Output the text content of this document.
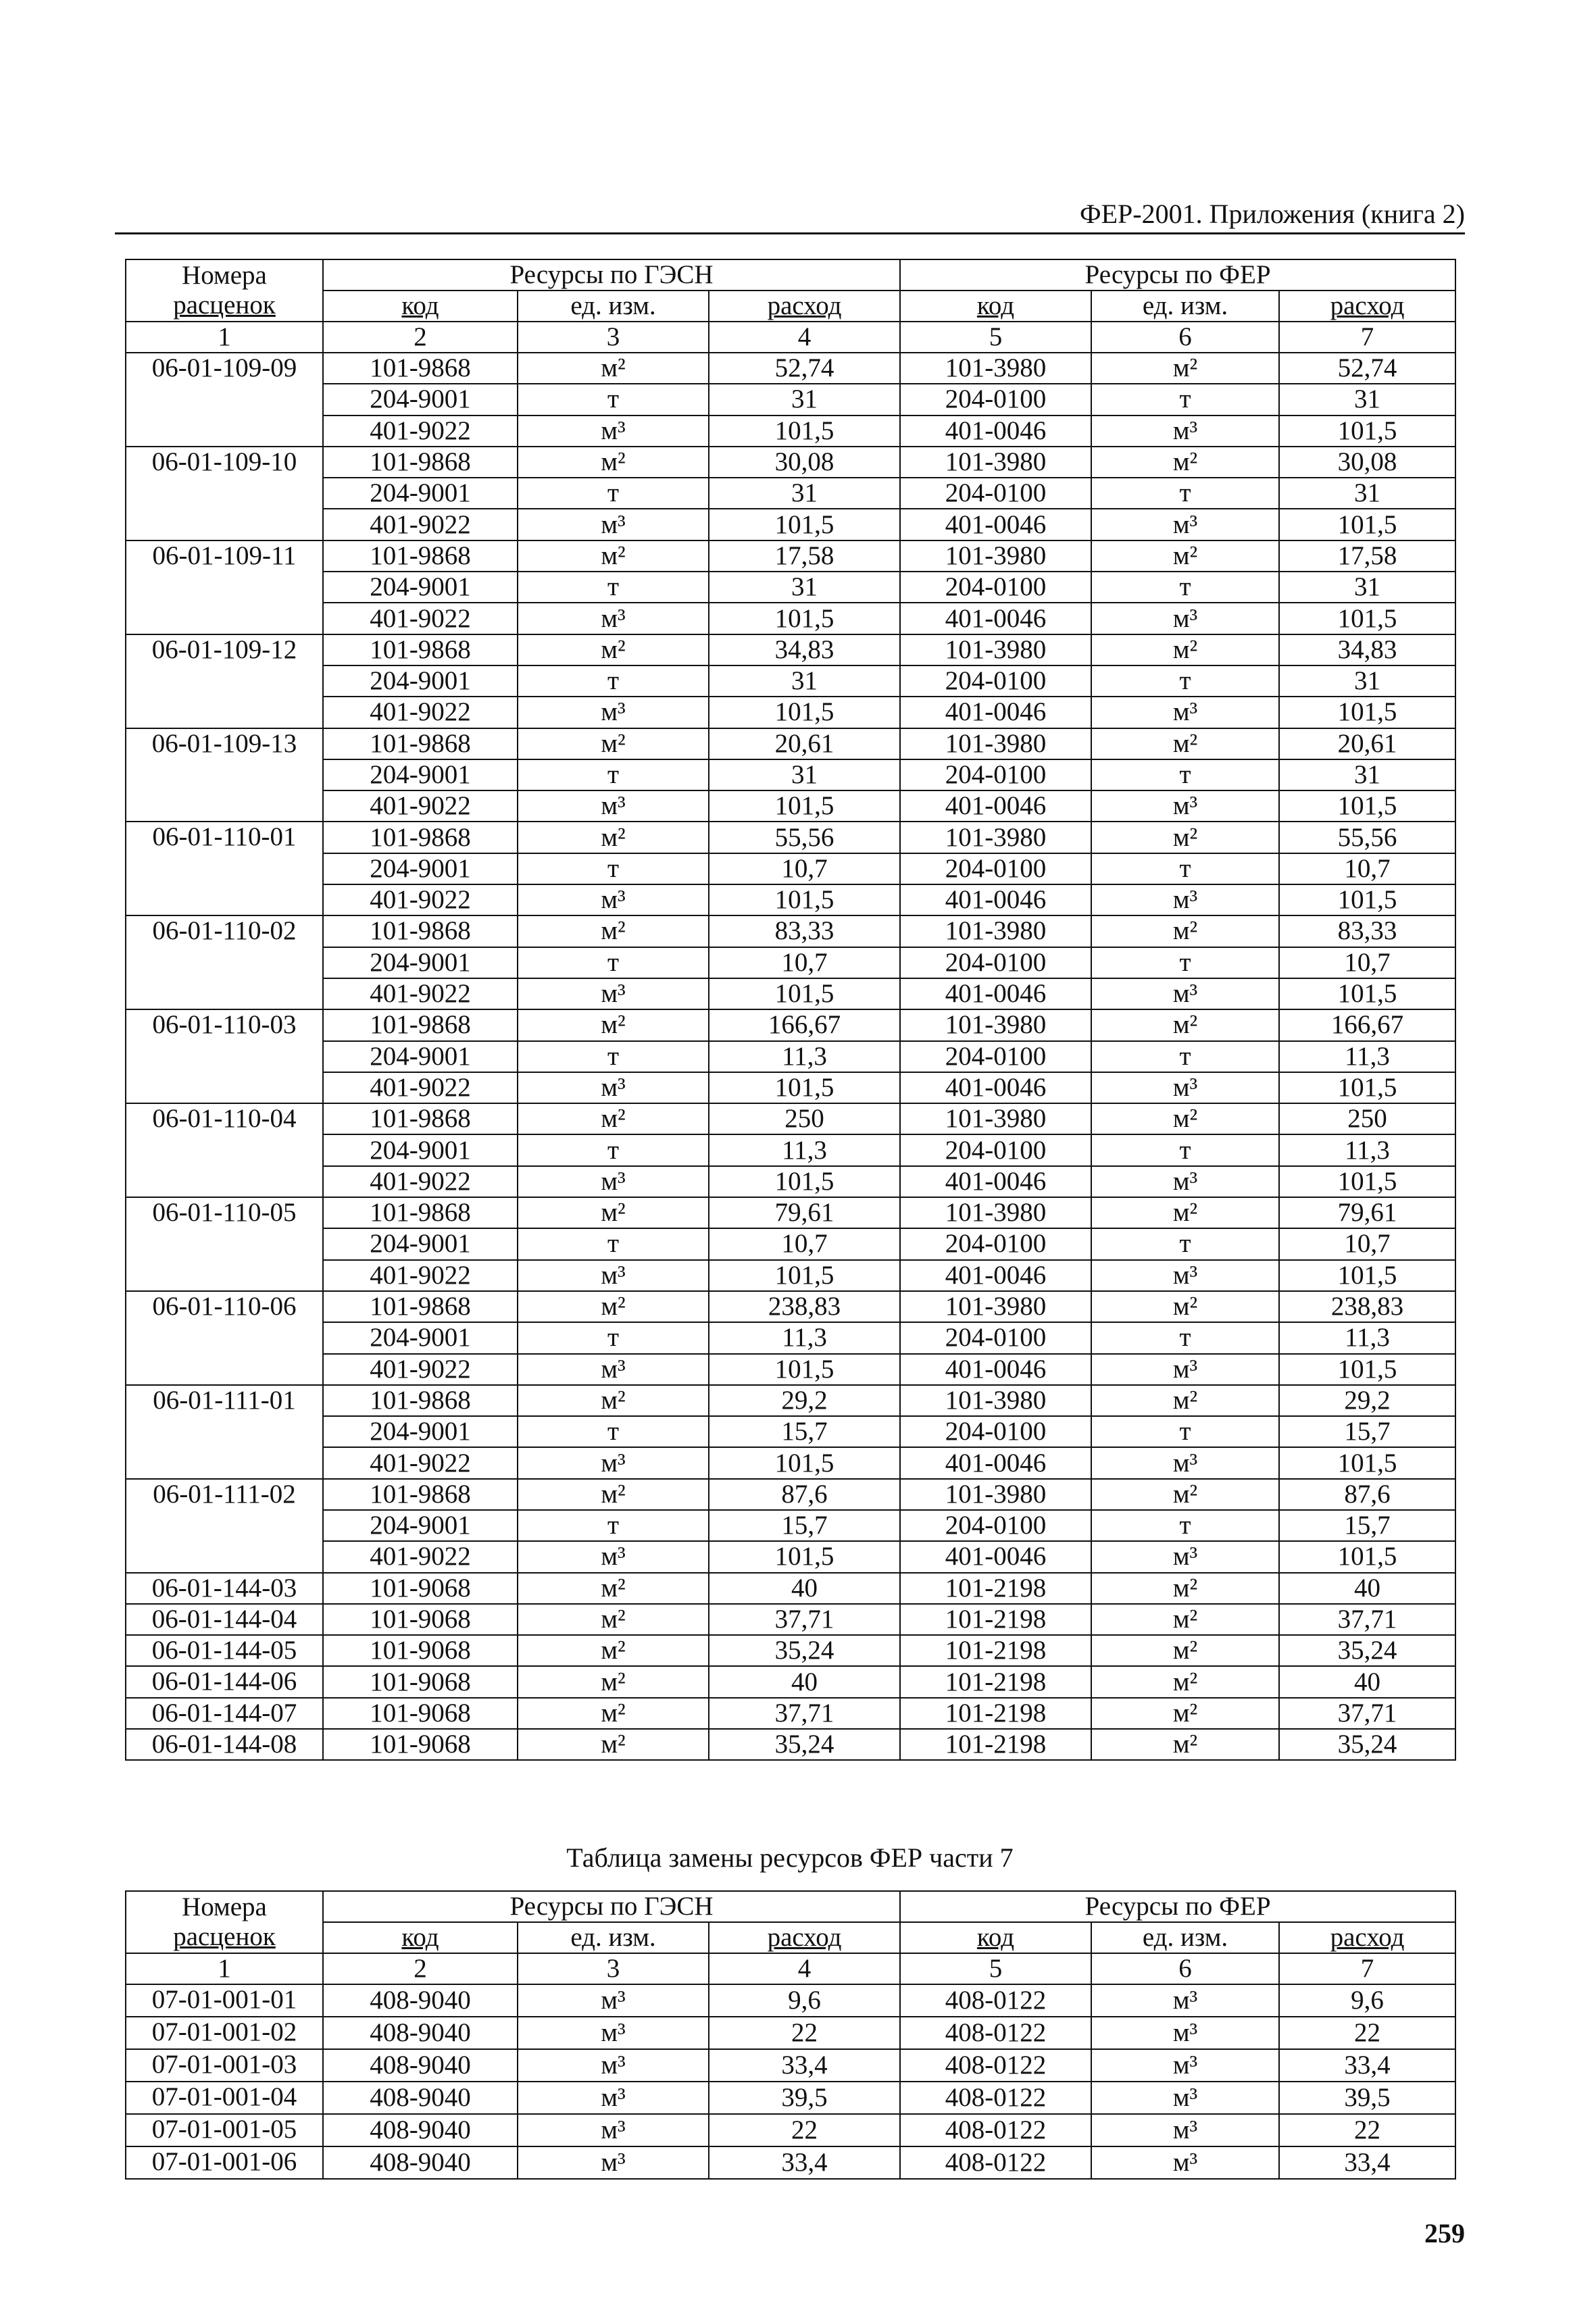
ФЕР-2001. Приложения (книга 2)
Номера
расценок	Ресурсы по ГЭСН			Ресурсы по ФЕР		
	код	ед. изм.	расход	код	ед. изм.	расход
1	2	3	4	5	6	7
06-01-109-09	101-9868	м²	52,74	101-3980	м²	52,74
	204-9001	т	31	204-0100	т	31
	401-9022	м³	101,5	401-0046	м³	101,5
06-01-109-10	101-9868	м²	30,08	101-3980	м²	30,08
	204-9001	т	31	204-0100	т	31
	401-9022	м³	101,5	401-0046	м³	101,5
06-01-109-11	101-9868	м²	17,58	101-3980	м²	17,58
	204-9001	т	31	204-0100	т	31
	401-9022	м³	101,5	401-0046	м³	101,5
06-01-109-12	101-9868	м²	34,83	101-3980	м²	34,83
	204-9001	т	31	204-0100	т	31
	401-9022	м³	101,5	401-0046	м³	101,5
06-01-109-13	101-9868	м²	20,61	101-3980	м²	20,61
	204-9001	т	31	204-0100	т	31
	401-9022	м³	101,5	401-0046	м³	101,5
06-01-110-01	101-9868	м²	55,56	101-3980	м²	55,56
	204-9001	т	10,7	204-0100	т	10,7
	401-9022	м³	101,5	401-0046	м³	101,5
06-01-110-02	101-9868	м²	83,33	101-3980	м²	83,33
	204-9001	т	10,7	204-0100	т	10,7
	401-9022	м³	101,5	401-0046	м³	101,5
06-01-110-03	101-9868	м²	166,67	101-3980	м²	166,67
	204-9001	т	11,3	204-0100	т	11,3
	401-9022	м³	101,5	401-0046	м³	101,5
06-01-110-04	101-9868	м²	250	101-3980	м²	250
	204-9001	т	11,3	204-0100	т	11,3
	401-9022	м³	101,5	401-0046	м³	101,5
06-01-110-05	101-9868	м²	79,61	101-3980	м²	79,61
	204-9001	т	10,7	204-0100	т	10,7
	401-9022	м³	101,5	401-0046	м³	101,5
06-01-110-06	101-9868	м²	238,83	101-3980	м²	238,83
	204-9001	т	11,3	204-0100	т	11,3
	401-9022	м³	101,5	401-0046	м³	101,5
06-01-111-01	101-9868	м²	29,2	101-3980	м²	29,2
	204-9001	т	15,7	204-0100	т	15,7
	401-9022	м³	101,5	401-0046	м³	101,5
06-01-111-02	101-9868	м²	87,6	101-3980	м²	87,6
	204-9001	т	15,7	204-0100	т	15,7
	401-9022	м³	101,5	401-0046	м³	101,5
06-01-144-03	101-9068	м²	40	101-2198	м²	40
06-01-144-04	101-9068	м²	37,71	101-2198	м²	37,71
06-01-144-05	101-9068	м²	35,24	101-2198	м²	35,24
06-01-144-06	101-9068	м²	40	101-2198	м²	40
06-01-144-07	101-9068	м²	37,71	101-2198	м²	37,71
06-01-144-08	101-9068	м²	35,24	101-2198	м²	35,24
Таблица замены ресурсов ФЕР части 7
Номера
расценок	Ресурсы по ГЭСН			Ресурсы по ФЕР		
	код	ед. изм.	расход	код	ед. изм.	расход
1	2	3	4	5	6	7
07-01-001-01	408-9040	м³	9,6	408-0122	м³	9,6
07-01-001-02	408-9040	м³	22	408-0122	м³	22
07-01-001-03	408-9040	м³	33,4	408-0122	м³	33,4
07-01-001-04	408-9040	м³	39,5	408-0122	м³	39,5
07-01-001-05	408-9040	м³	22	408-0122	м³	22
07-01-001-06	408-9040	м³	33,4	408-0122	м³	33,4
259
